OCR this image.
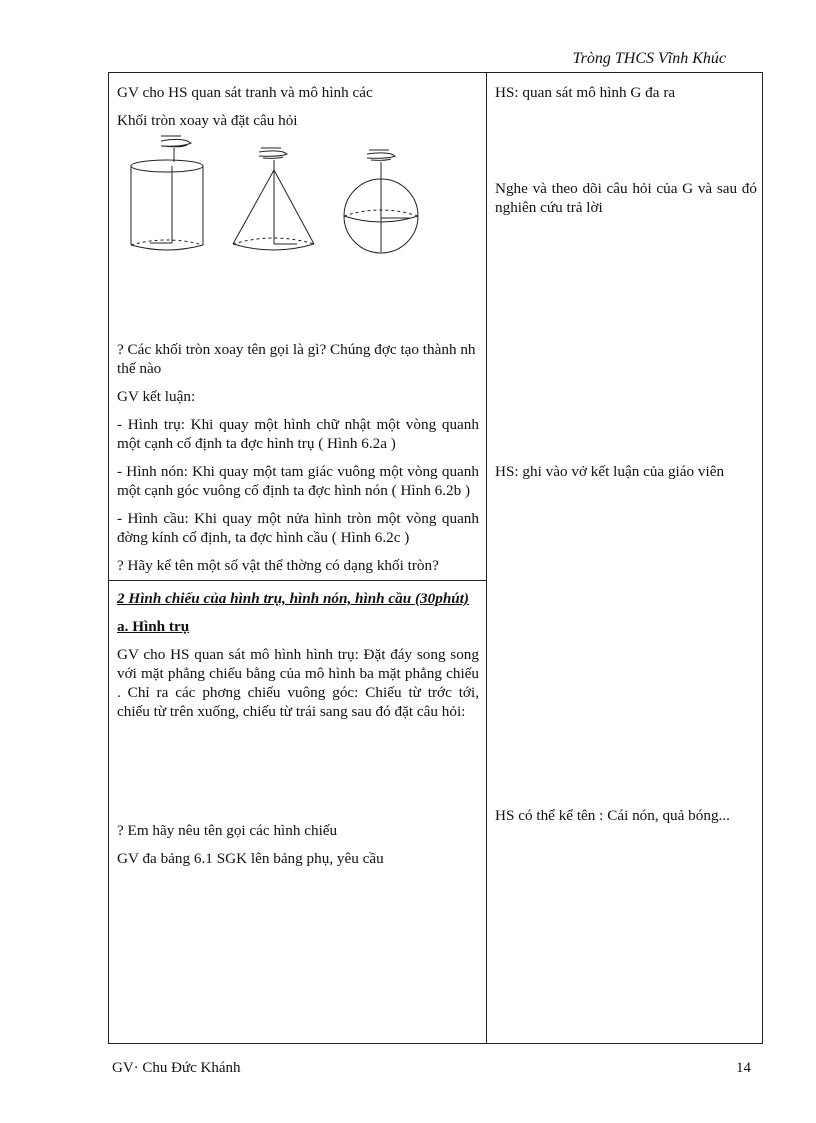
Tròng THCS Vĩnh Khúc
GV cho HS quan sát tranh và mô hình các
Khối tròn xoay và đặt câu hỏi
? Các khối tròn xoay tên gọi là gì? Chúng đợc tạo thành nh thế nào
GV kết luận:
- Hình trụ: Khi quay một hình chữ nhật một vòng quanh một cạnh cố định ta đợc hình trụ ( Hình 6.2a )
- Hình nón: Khi quay một tam giác vuông một vòng quanh một cạnh góc vuông cố định ta đợc hình nón ( Hình 6.2b )
- Hình cầu: Khi quay một nửa hình tròn một vòng quanh đờng kính cố định, ta đợc hình cầu ( Hình 6.2c )
? Hãy kể tên một số vật thể thờng có dạng khối tròn?
2 Hình chiếu của hình trụ, hình nón, hình cầu (30phút)
a. Hình trụ
GV cho HS quan sát mô hình hình trụ: Đặt đáy song song với mặt phẳng chiếu bằng của mô hình ba mặt phẳng chiếu . Chỉ ra các phơng chiếu vuông góc: Chiếu từ trớc tới, chiếu từ trên xuống, chiếu từ trái sang sau đó đặt câu hỏi:
? Em hãy nêu tên gọi các hình chiếu
GV đa bảng 6.1 SGK lên bảng phụ, yêu cầu
HS: quan sát mô hình G đa ra
Nghe và theo dõi câu hỏi của G và sau đó nghiên cứu trả lời
HS: ghi vào vở kết luận của giáo viên
HS có thể kể tên : Cái nón, quả bóng...
GV· Chu Đức Khánh	14
